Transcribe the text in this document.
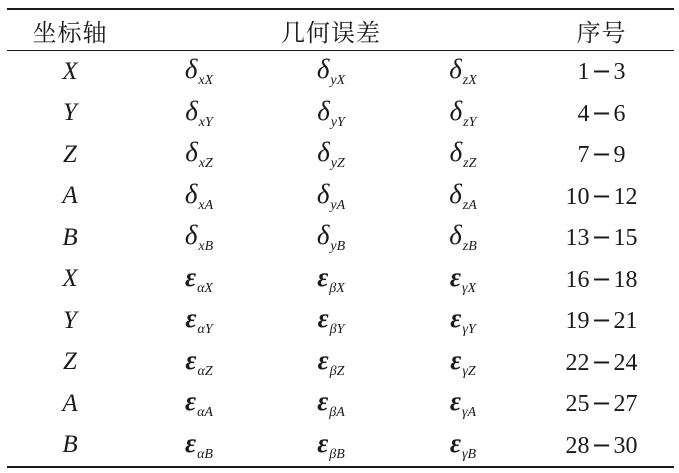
坐标轴	几何误差	序号
X	δxX	δyX	δzX	1−3
Y	δxY	δyY	δzY	4−6
Z	δxZ	δyZ	δzZ	7−9
A	δxA	δyA	δzA	10−12
B	δxB	δyB	δzB	13−15
X	εαX	εβX	εγX	16−18
Y	εαY	εβY	εγY	19−21
Z	εαZ	εβZ	εγZ	22−24
A	εαA	εβA	εγA	25−27
B	εαB	εβB	εγB	28−30
